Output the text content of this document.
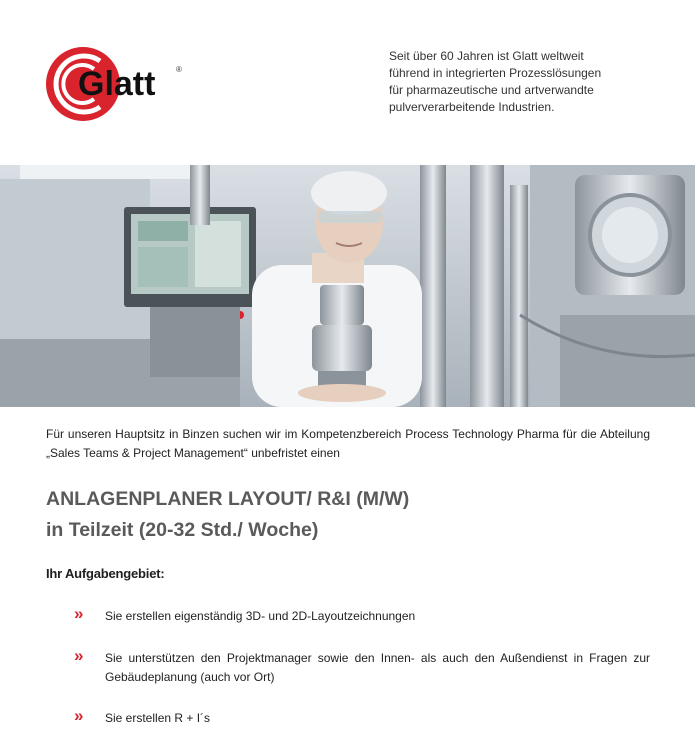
Glatt	®
Seit über 60 Jahren ist Glatt weltweit
führend in integrierten Prozesslösungen
für pharmazeutische und artverwandte
pulververarbeitende Industrien.
Für unseren Hauptsitz in Binzen suchen wir im Kompetenzbereich Process Technology Pharma für die Abteilung „Sales Teams & Project Management“ unbefristet einen
ANLAGENPLANER LAYOUT/ R&I (M/W)
in Teilzeit (20-32 Std./ Woche)
Ihr Aufgabengebiet:
» Sie erstellen eigenständig 3D- und 2D-Layoutzeichnungen
» Sie unterstützen den Projektmanager sowie den Innen- als auch den Außendienst in Fragen zur Gebäudeplanung (auch vor Ort)
» Sie erstellen R + I´s
